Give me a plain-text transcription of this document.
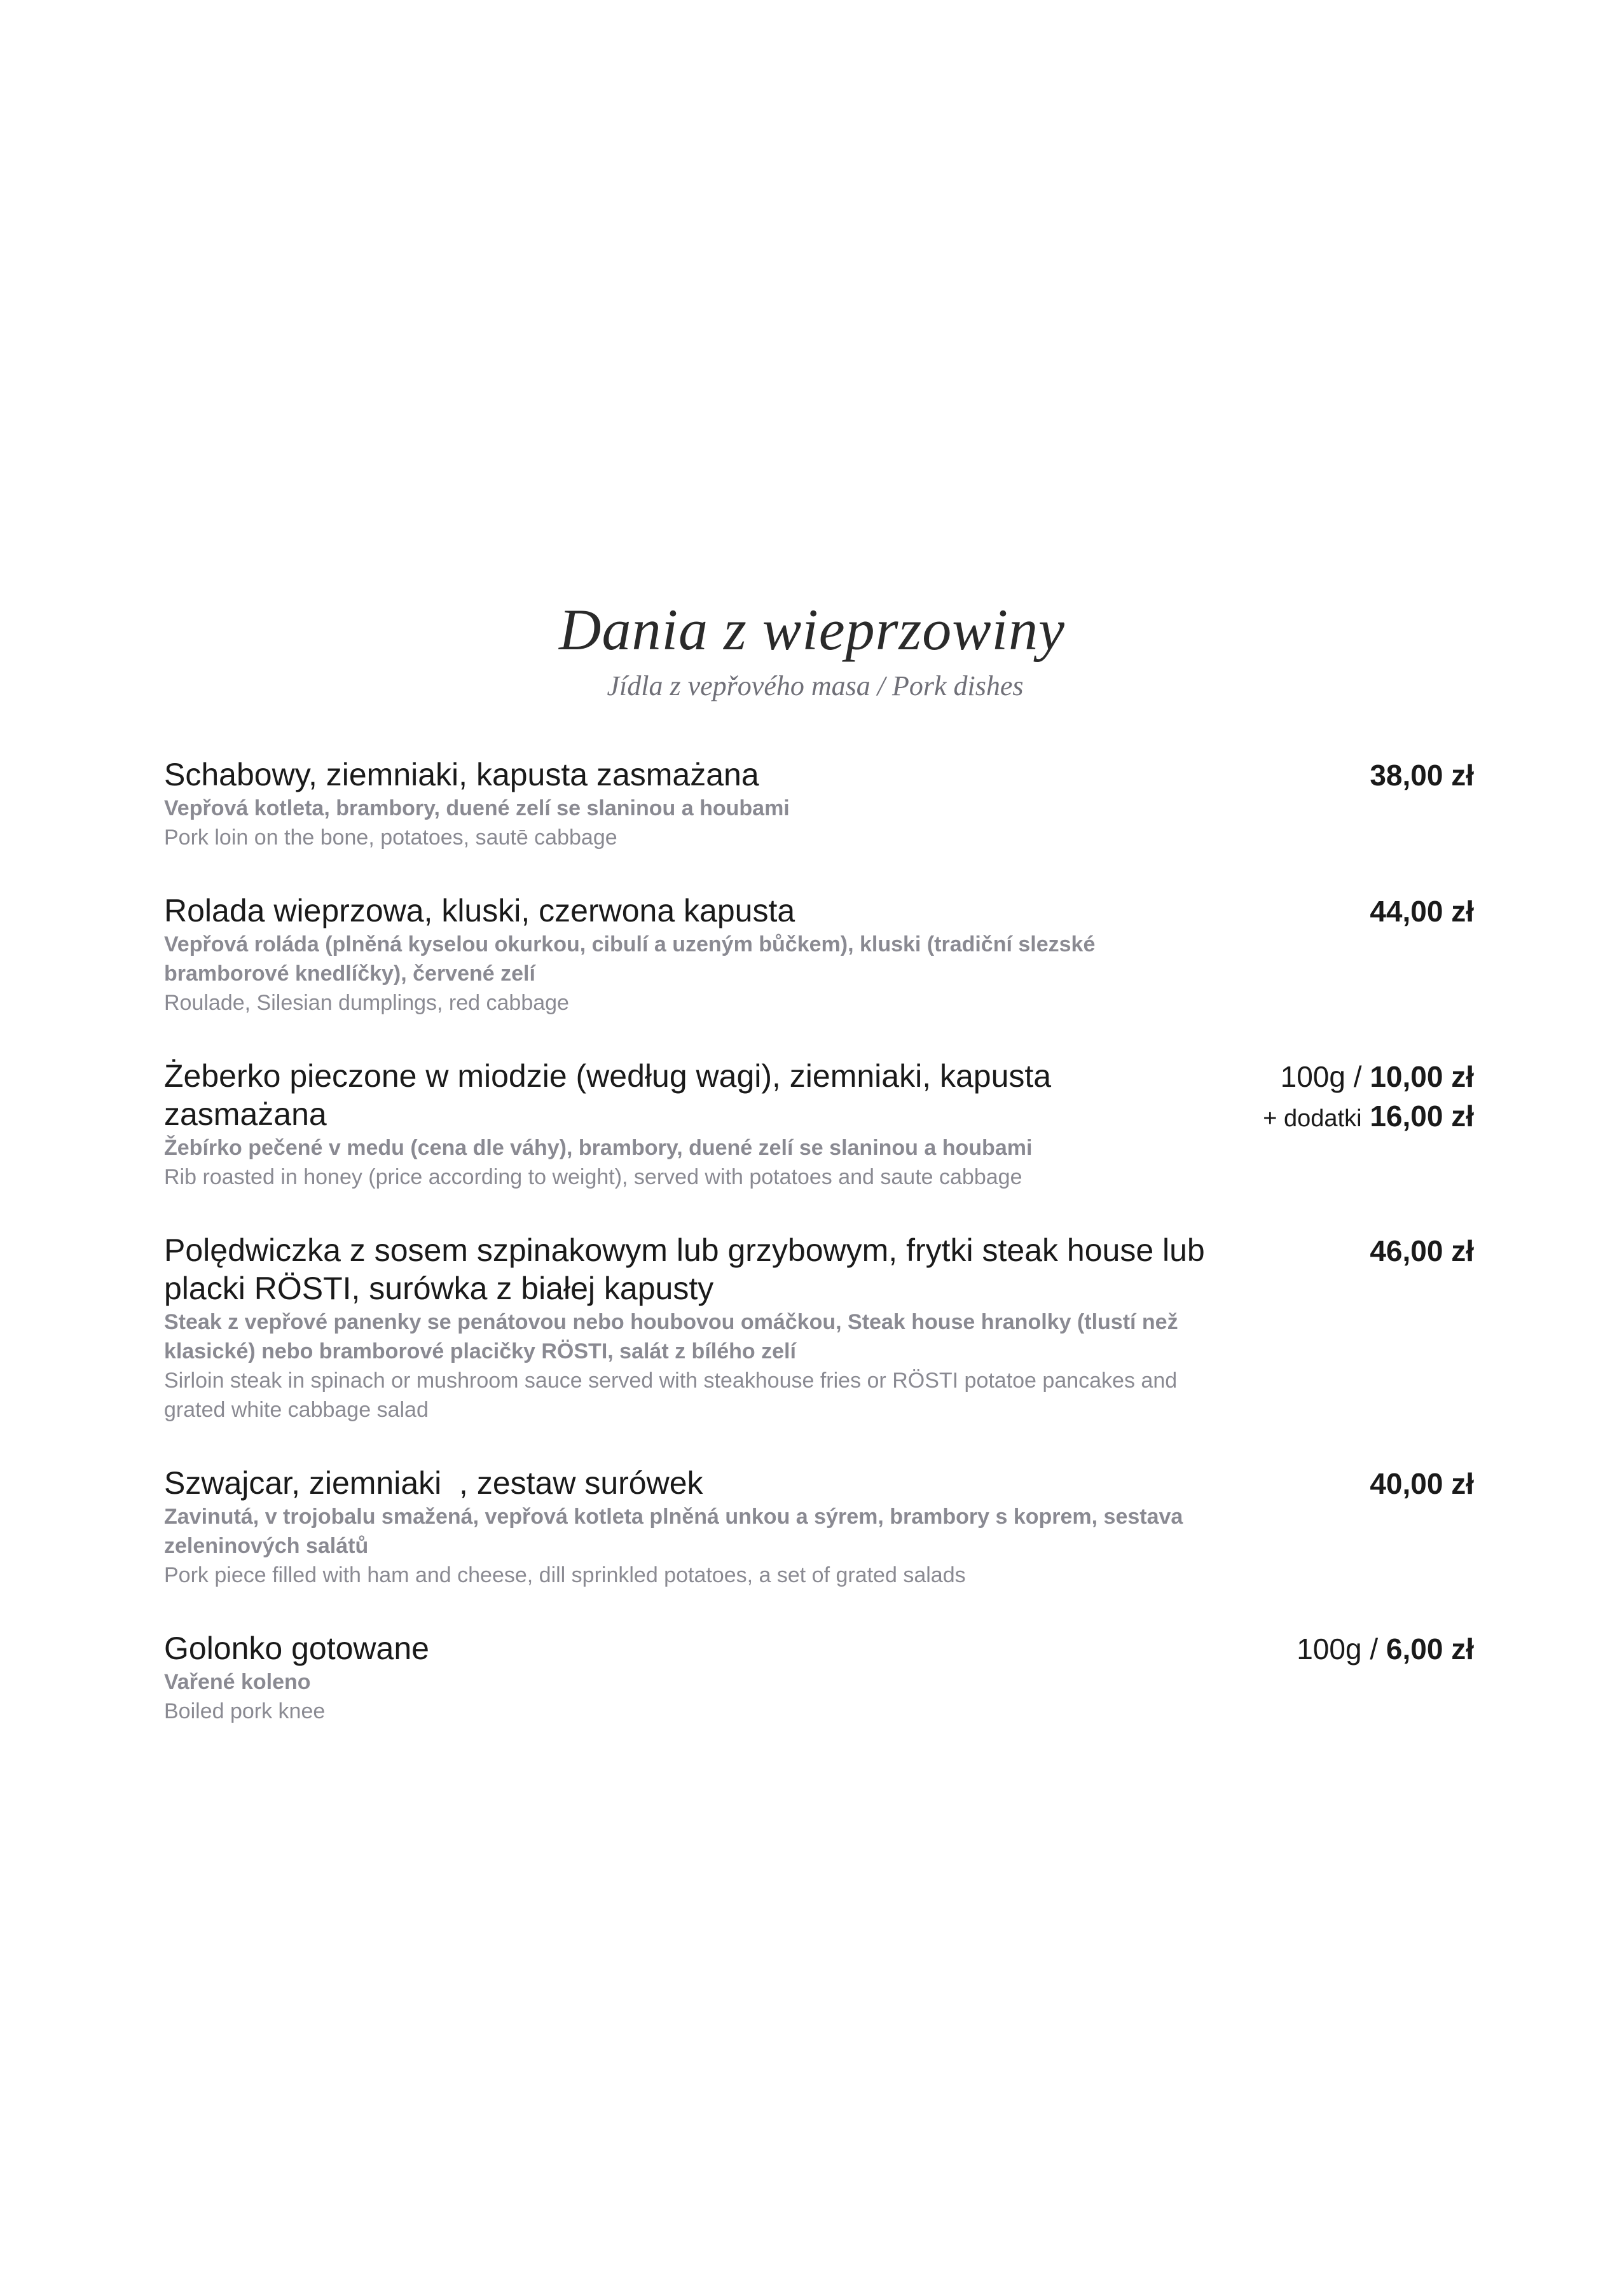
Dania z wieprzowiny
Jídla z vepřového masa / Pork dishes
Schabowy, ziemniaki, kapusta zasmażana
Vepřová kotleta, brambory, duené zelí se slaninou a houbami
Pork loin on the bone, potatoes, sautē cabbage
38,00 zł
Rolada wieprzowa, kluski, czerwona kapusta
Vepřová roláda (plněná kyselou okurkou, cibulí a uzeným bůčkem), kluski (tradiční slezské bramborové knedlíčky), červené zelí
Roulade, Silesian dumplings, red cabbage
44,00 zł
Żeberko pieczone w miodzie (według wagi), ziemniaki, kapusta zasmażana
Žebírko pečené v medu (cena dle váhy), brambory, duené zelí se slaninou a houbami
Rib roasted in honey (price according to weight), served with potatoes and saute cabbage
100g / 10,00 zł
+ dodatki 16,00 zł
Polędwiczka z sosem szpinakowym lub grzybowym, frytki steak house lub placki RÖSTI, surówka z białej kapusty
Steak z vepřové panenky se penátovou nebo houbovou omáčkou, Steak house hranolky (tlustí než klasické) nebo bramborové placičky RÖSTI, salát z bílého zelí
Sirloin steak in spinach or mushroom sauce served with steakhouse fries or RÖSTI potatoe pancakes and grated white cabbage salad
46,00 zł
Szwajcar, ziemniaki  , zestaw surówek
Zavinutá, v trojobalu smažená, vepřová kotleta plněná unkou a sýrem, brambory s koprem, sestava zeleninových salátů
Pork piece filled with ham and cheese, dill sprinkled potatoes, a set of grated salads
40,00 zł
Golonko gotowane
Vařené koleno
Boiled pork knee
100g / 6,00 zł
